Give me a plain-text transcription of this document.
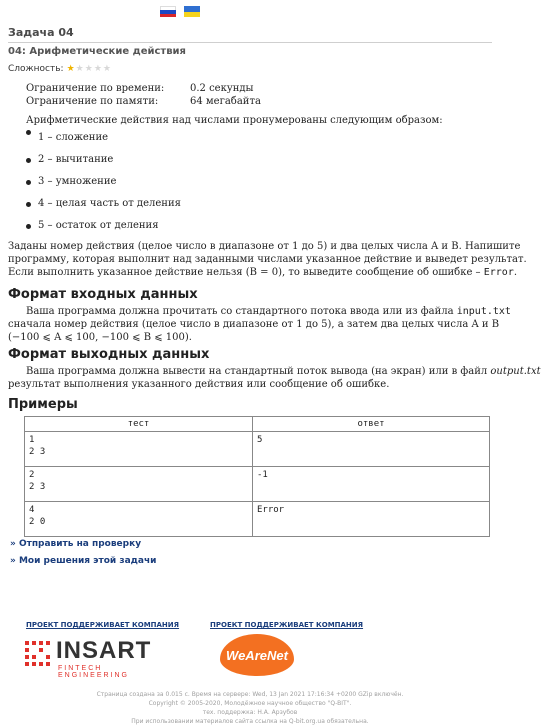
Задача 04
04: Арифметические действия
Сложность: ★ ★ ★ ★ ★
Ограничение по времени:	0.2 секунды
Ограничение по памяти:	64 мегабайта
Арифметические действия над числами пронумерованы следующим образом:
1 – сложение
2 – вычитание
3 – умножение
4 – целая часть от деления
5 – остаток от деления
Заданы номер действия (целое число в диапазоне от 1 до 5) и два целых числа A и B. Напишите
программу, которая выполнит над заданными числами указанное действие и выведет результат.
Если выполнить указанное действие нельзя (B = 0), то выведите сообщение об ошибке – Error.
Формат входных данных
Ваша программа должна прочитать со стандартного потока ввода или из файла input.txt
сначала номер действия (целое число в диапазоне от 1 до 5), а затем два целых числа A и B
(−100 ⩽ A ⩽ 100, −100 ⩽ B ⩽ 100).
Формат выходных данных
Ваша программа должна вывести на стандартный поток вывода (на экран) или в файл output.txt
результат выполнения указанного действия или сообщение об ошибке.
Примеры
тест	ответ
1
2 3	5
2
2 3	-1
4
2 0	Error
» Отправить на проверку
» Мои решения этой задачи
ПРОЕКТ ПОДДЕРЖИВАЕТ КОМПАНИЯ	ПРОЕКТ ПОДДЕРЖИВАЕТ КОМПАНИЯ
INSART
FINTECH ENGINEERING
WeAreNet
Страница создана за 0.015 с. Время на сервере: Wed, 13 Jan 2021 17:16:34 +0200 GZip включён.
Copyright © 2005-2020, Молодёжное научное общество "Q-BIT".
тех. поддержка: Н.А. Арзубов
При использовании материалов сайта ссылка на Q-bit.org.ua обязательна.
